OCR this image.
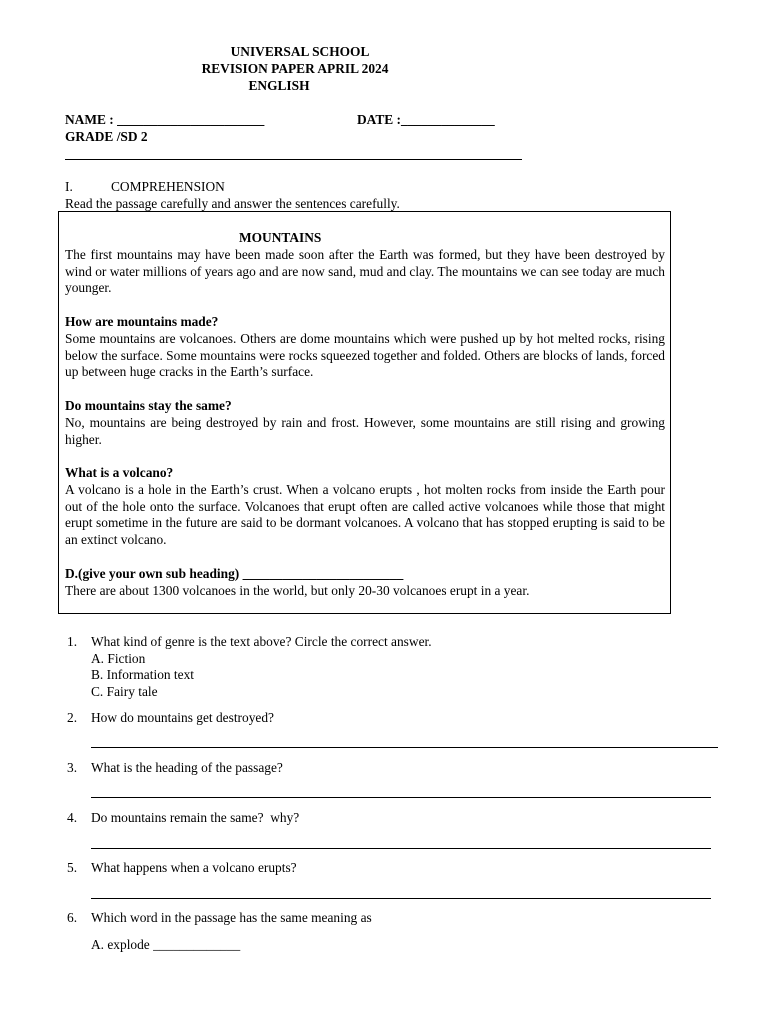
UNIVERSAL SCHOOL
REVISION PAPER APRIL 2024
ENGLISH
NAME : ______________________	DATE :______________
GRADE /SD 2
I.	COMPREHENSION
Read the passage carefully and answer the sentences carefully.
MOUNTAINS
The first mountains may have been made soon after the Earth was formed, but they have been destroyed by wind or water millions of years ago and are now sand, mud and clay. The mountains we can see today are much younger.
How are mountains made?
Some mountains are volcanoes. Others are dome mountains which were pushed up by hot melted rocks, rising below the surface. Some mountains were rocks squeezed together and folded. Others are blocks of lands, forced up between huge cracks in the Earth’s surface.
Do mountains stay the same?
No, mountains are being destroyed by rain and frost. However, some mountains are still rising and growing higher.
What is a volcano?
A volcano is a hole in the Earth’s crust. When a volcano erupts , hot molten rocks from inside the Earth pour out of the hole onto the surface. Volcanoes that erupt often are called active volcanoes while those that might erupt sometime in the future are said to be dormant volcanoes. A volcano that has stopped erupting is said to be an extinct volcano.
D.(give your own sub heading) ________________________
There are about 1300 volcanoes in the world, but only 20-30 volcanoes erupt in a year.
1. What kind of genre is the text above? Circle the correct answer.
A. Fiction
B. Information text
C. Fairy tale
2. How do mountains get destroyed?
3. What is the heading of the passage?
4. Do mountains remain the same?  why?
5. What happens when a volcano erupts?
6. Which word in the passage has the same meaning as
A. explode _____________
